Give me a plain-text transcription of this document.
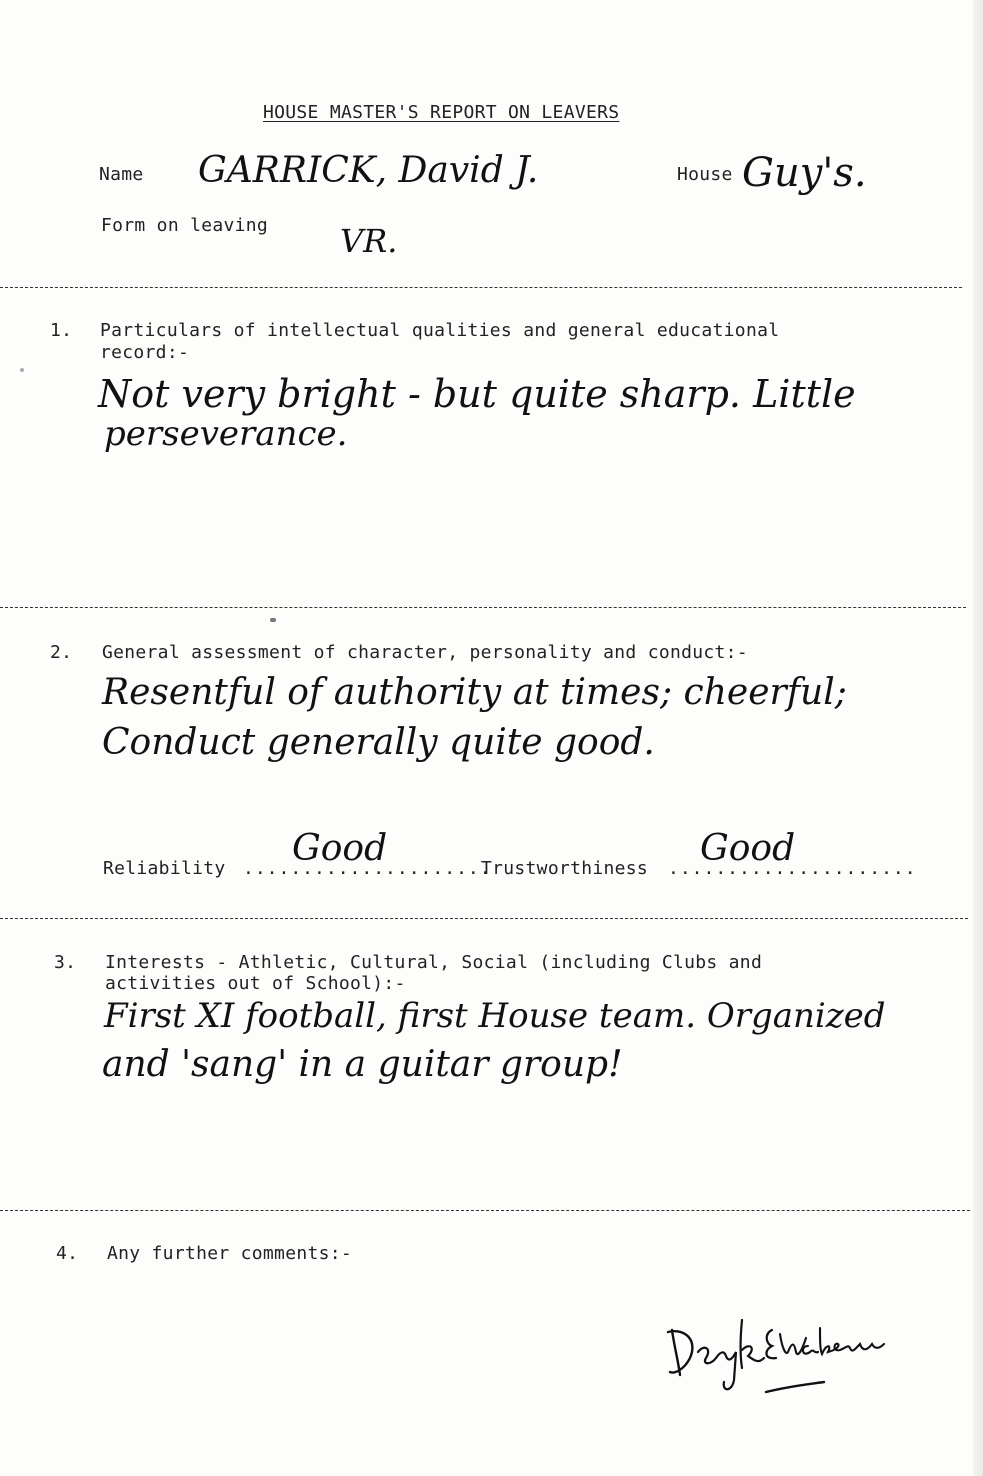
HOUSE MASTER'S REPORT ON LEAVERS
Name GARRICK, David J.	House Guy's.
Form on leaving VR.
1. Particulars of intellectual qualities and general educational
record:-
Not very bright - but quite sharp. Little
perseverance.
2. General assessment of character, personality and conduct:-
Resentful of authority at times; cheerful;
Conduct generally quite good.
Reliability .....................
Good	Trustworthiness .....................
Good
3. Interests - Athletic, Cultural, Social (including Clubs and
activities out of School):-
First XI football, first House team. Organized
and 'sang' in a guitar group!
4. Any further comments:-
